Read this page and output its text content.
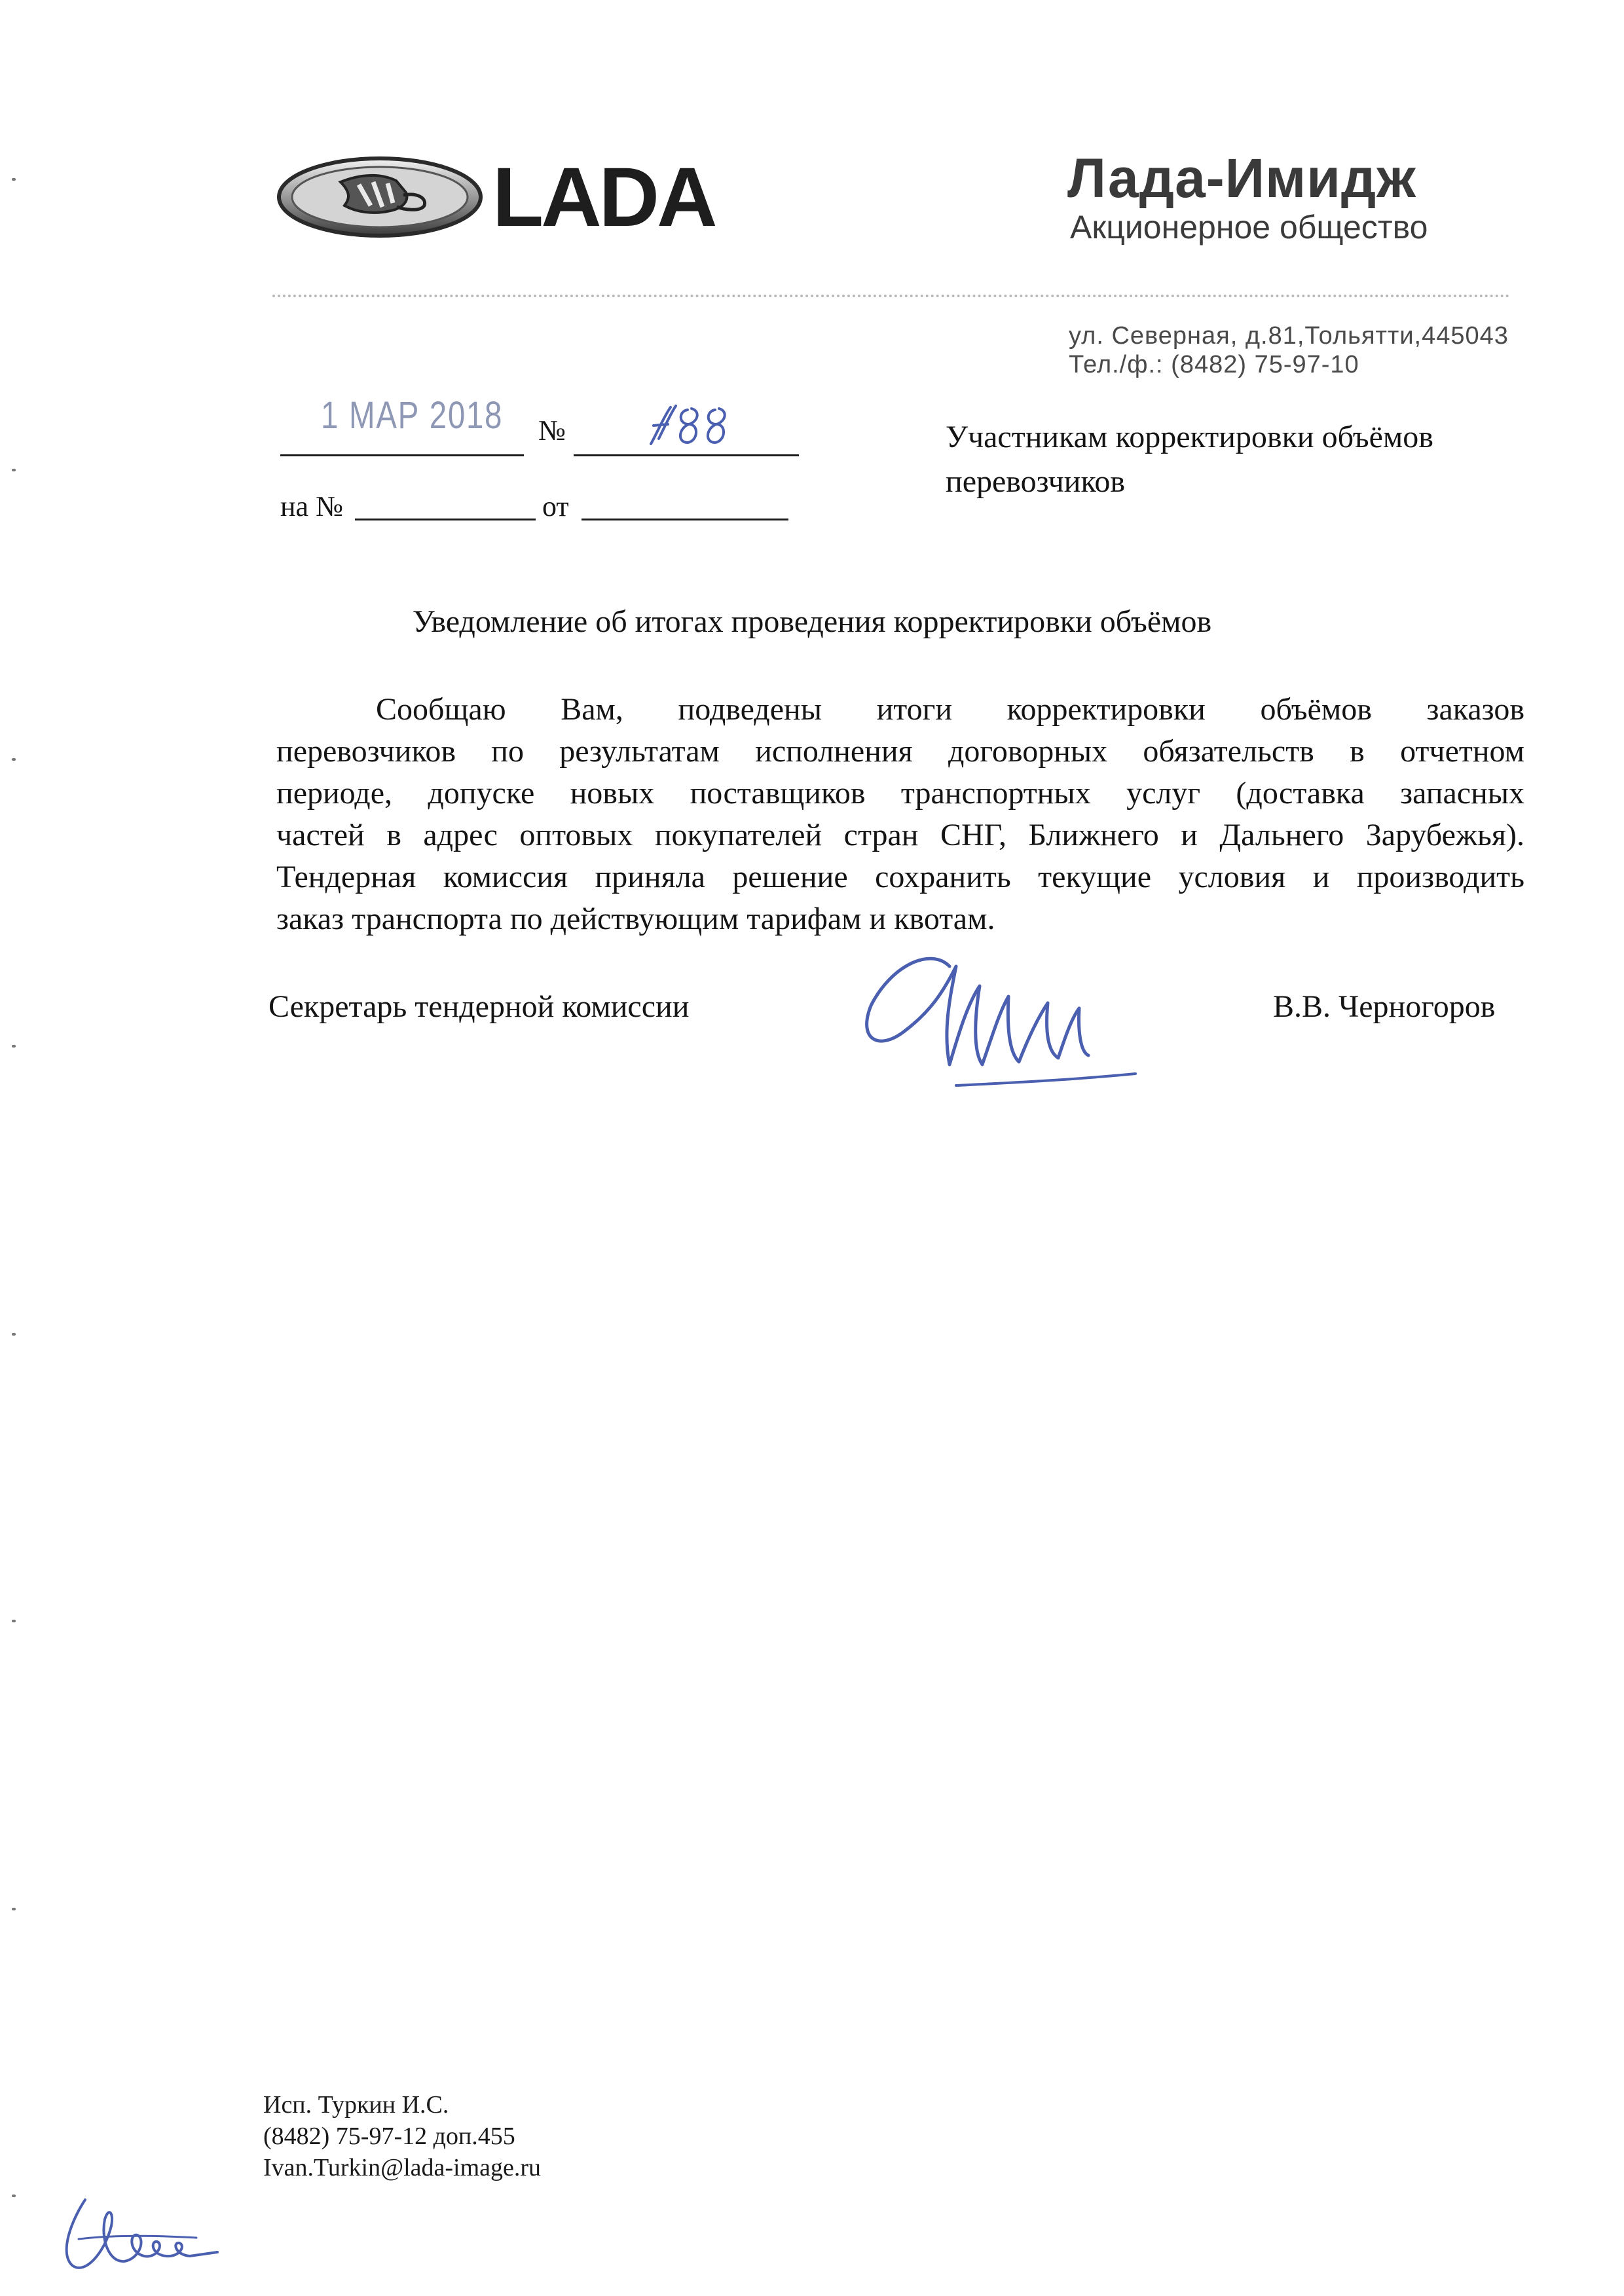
LADA	Лада-Имидж
Акционерное общество
ул. Северная, д.81,Тольятти,445043
Тел./ф.: (8482) 75-97-10
1 МАР 2018 №
на №	от
Участникам корректировки объёмов
перевозчиков
Уведомление об итогах проведения корректировки объёмов
Сообщаю Вам, подведены итоги корректировки объёмов заказов
перевозчиков по результатам исполнения договорных обязательств в отчетном
периоде, допуске новых поставщиков транспортных услуг (доставка запасных
частей в адрес оптовых покупателей стран СНГ, Ближнего и Дальнего Зарубежья).
Тендерная комиссия приняла решение сохранить текущие условия и производить
заказ транспорта по действующим тарифам и квотам.
Секретарь тендерной комиссии	В.В. Черногоров
Исп. Туркин И.С.
(8482) 75-97-12 доп.455
Ivan.Turkin@lada-image.ru
